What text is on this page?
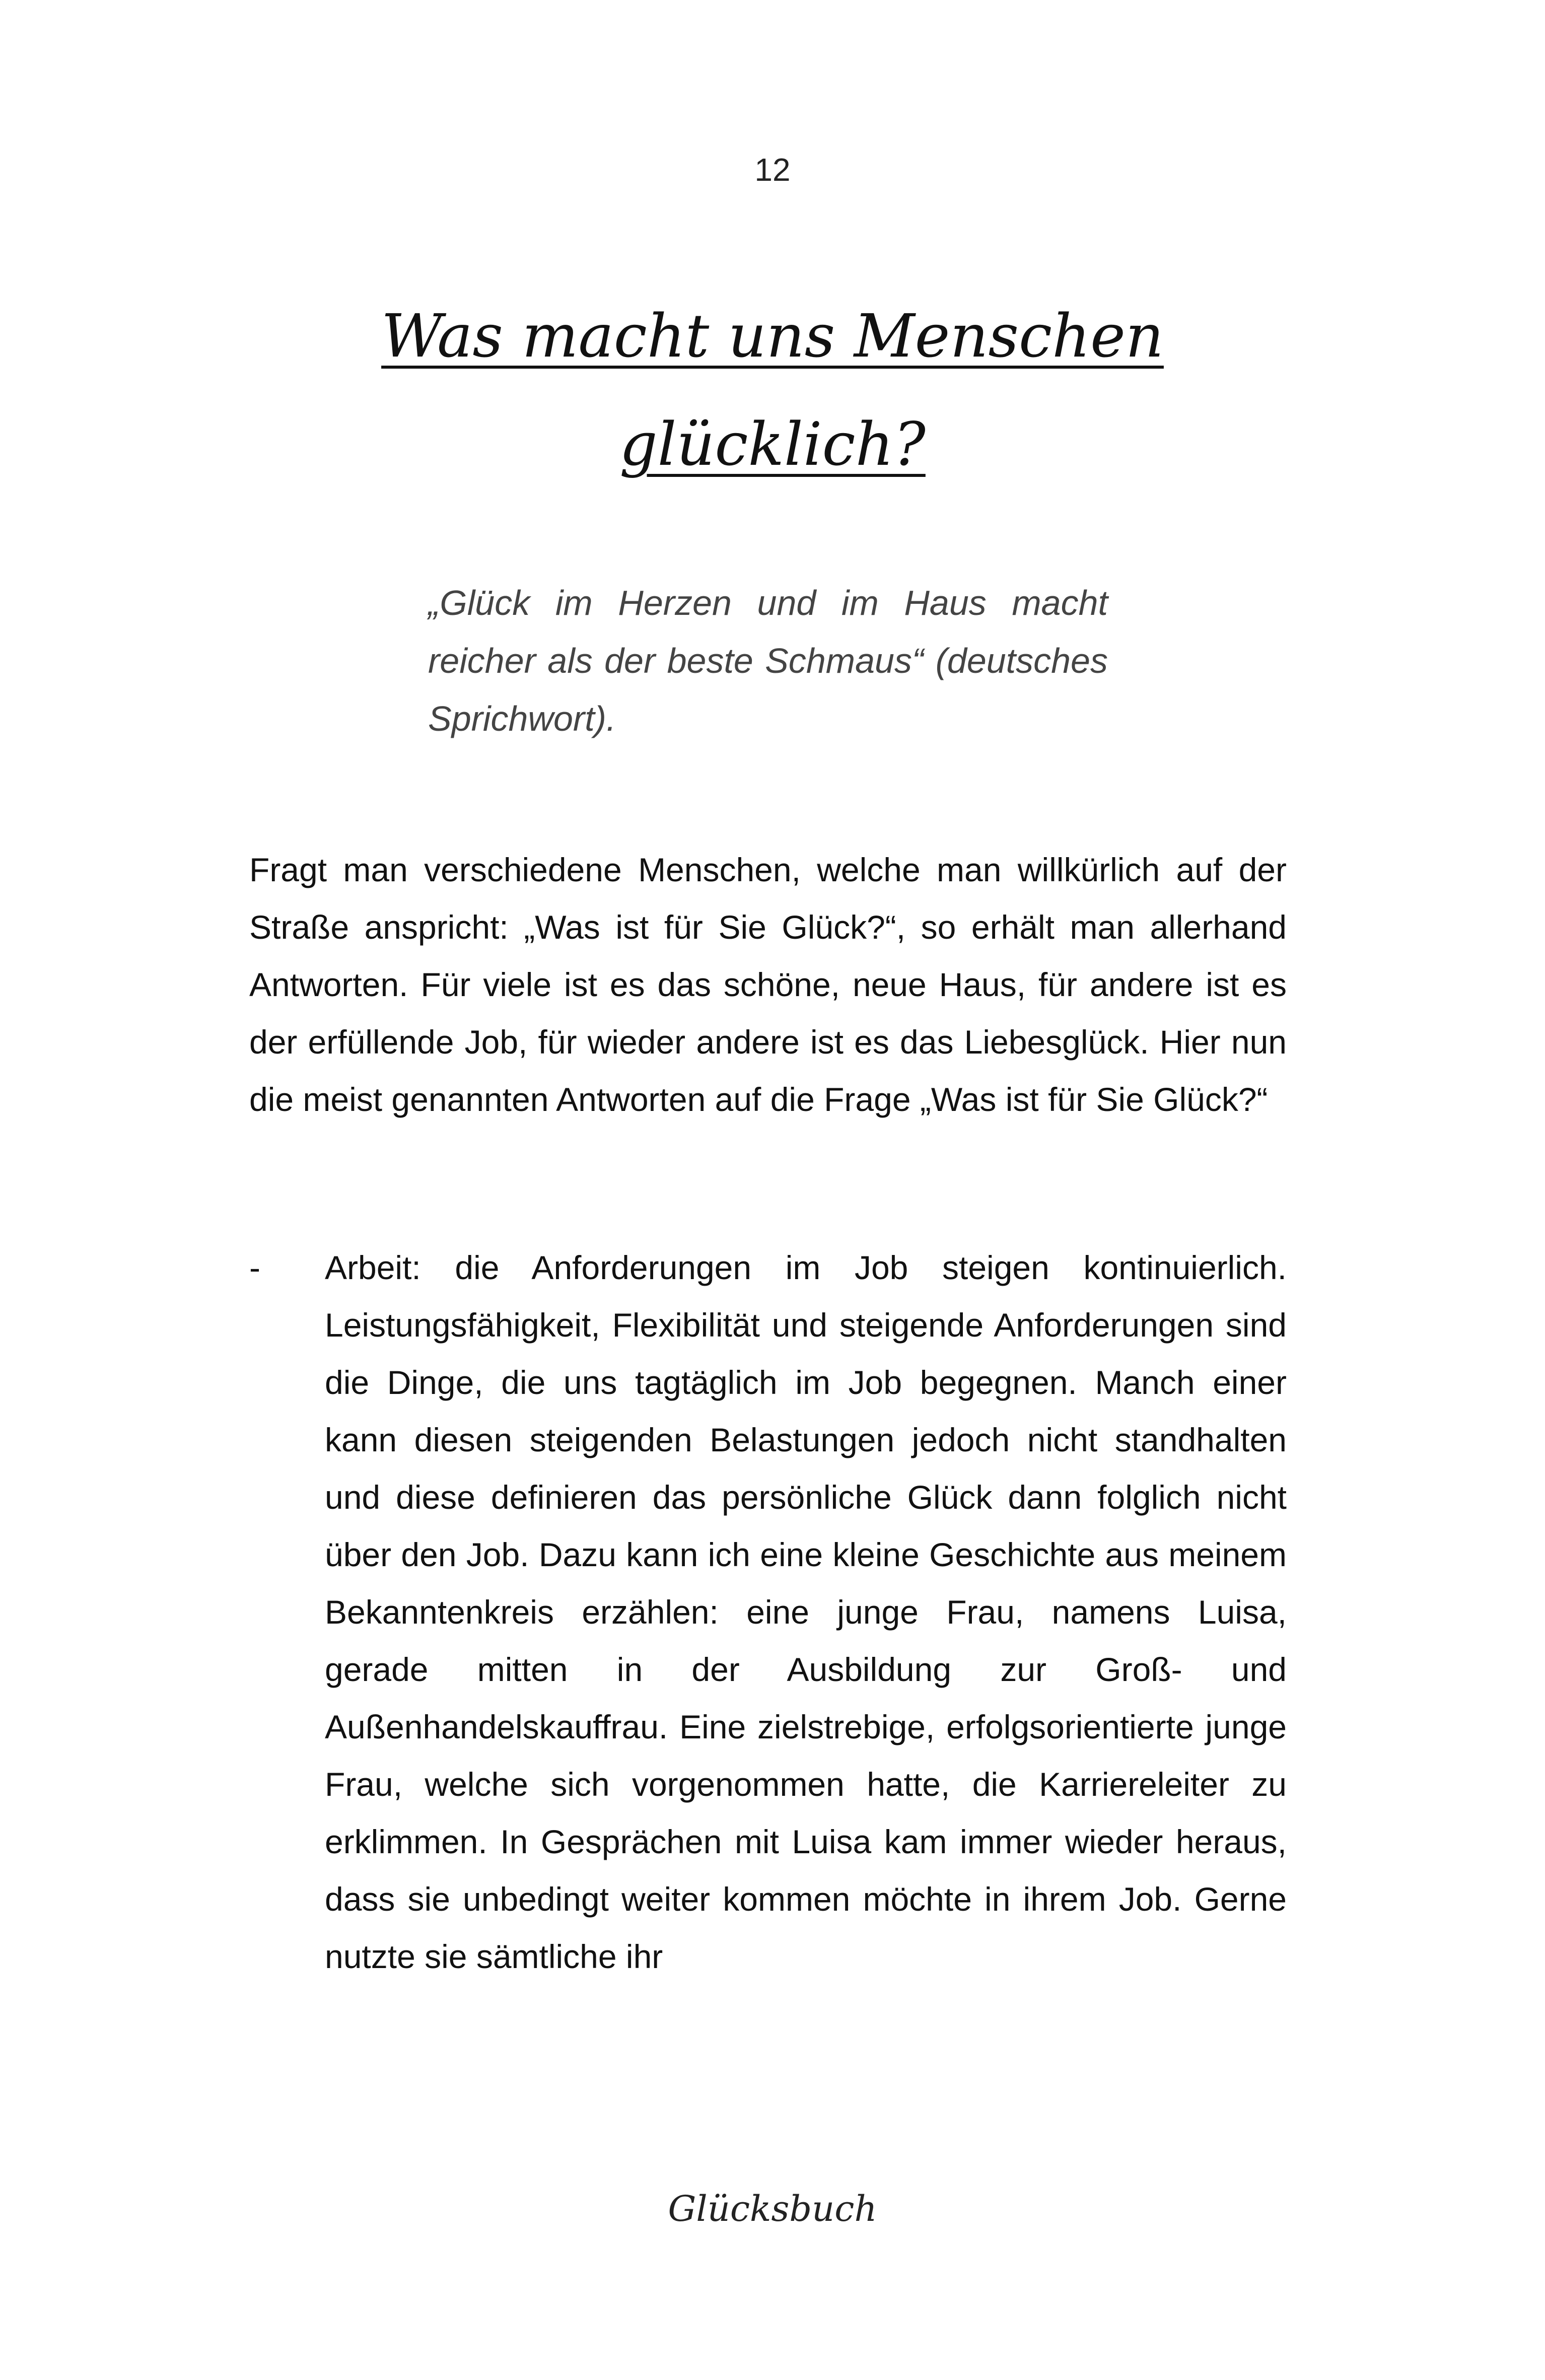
12
Was macht uns Menschen
glücklich?

„Glück im Herzen und im Haus macht reicher als der beste Schmaus“ (deutsches Sprichwort).

Fragt man verschiedene Menschen, welche man willkürlich auf der Straße anspricht: „Was ist für Sie Glück?“, so erhält man allerhand Antworten. Für viele ist es das schöne, neue Haus, für andere ist es der erfüllende Job, für wieder andere ist es das Liebesglück. Hier nun die meist genannten Antworten auf die Frage „Was ist für Sie Glück?“

- Arbeit: die Anforderungen im Job steigen kontinuierlich. Leistungsfähigkeit, Flexibilität und steigende Anforderungen sind die Dinge, die uns tagtäglich im Job begegnen. Manch einer kann diesen steigenden Belastungen jedoch nicht standhalten und diese definieren das persönliche Glück dann folglich nicht über den Job. Dazu kann ich eine kleine Geschichte aus meinem Bekanntenkreis erzählen: eine junge Frau, namens Luisa, gerade mitten in der Ausbildung zur Groß- und Außenhandelskauffrau. Eine zielstrebige, erfolgsorientierte junge Frau, welche sich vorgenommen hatte, die Karriereleiter zu erklimmen. In Gesprächen mit Luisa kam immer wieder heraus, dass sie unbedingt weiter kommen möchte in ihrem Job. Gerne nutzte sie sämtliche ihr
Glücksbuch
